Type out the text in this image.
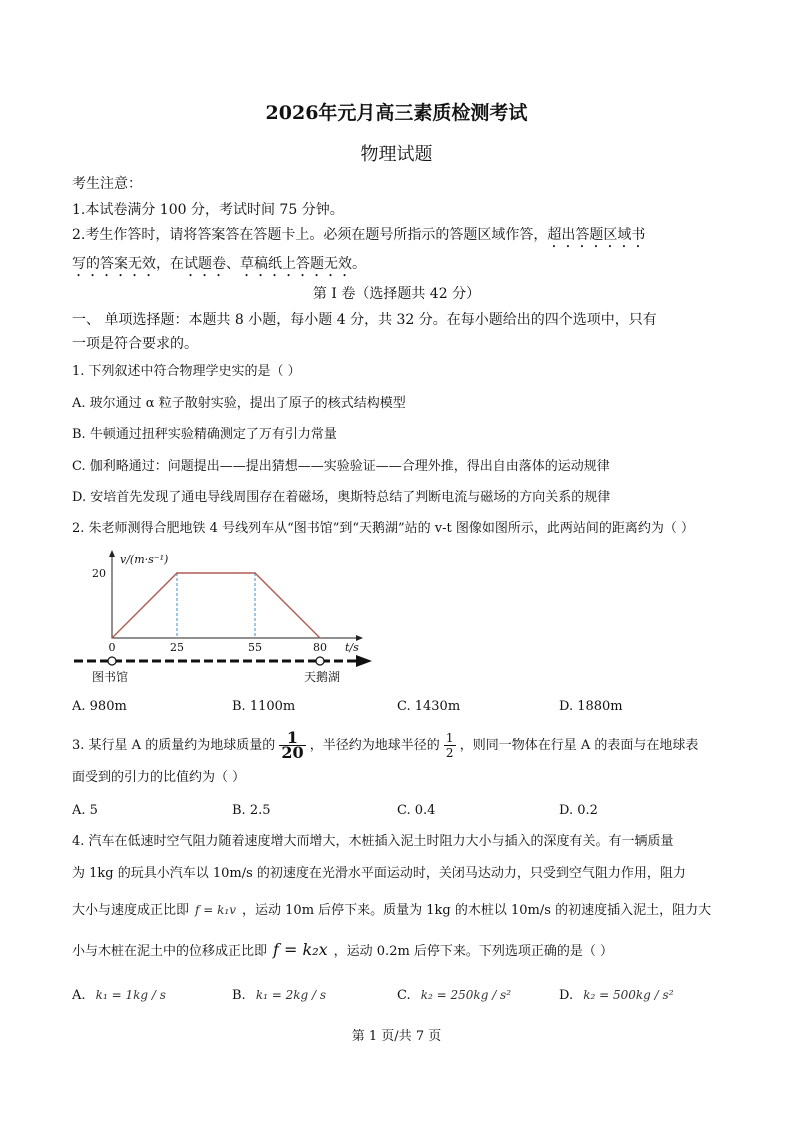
2026年元月高三素质检测考试
物理试题
考生注意：
1.本试卷满分 100 分，考试时间 75 分钟。
2.考生作答时，请将答案答在答题卡上。必须在题号所指示的答题区域作答，超出答题区域书
写的答案无效，在试题卷、草稿纸上答题无效。
第 I 卷（选择题共 42 分）
一、 单项选择题：本题共 8 小题，每小题 4 分，共 32 分。在每小题给出的四个选项中，只有
一项是符合要求的。
1. 下列叙述中符合物理学史实的是（ ）
A. 玻尔通过 α 粒子散射实验，提出了原子的核式结构模型
B. 牛顿通过扭秤实验精确测定了万有引力常量
C. 伽利略通过：问题提出——提出猜想——实验验证——合理外推，得出自由落体的运动规律
D. 安培首先发现了通电导线周围存在着磁场，奥斯特总结了判断电流与磁场的方向关系的规律
2. 朱老师测得合肥地铁 4 号线列车从“图书馆”到“天鹅湖”站的 v-t 图像如图所示，此两站间的距离约为（ ）
v/(m·s⁻¹)
t/s
20
0	25	55	80
图书馆	天鹅湖
A. 980m	B. 1100m	C. 1430m	D. 1880m
3. 某行星 A 的质量约为地球质量的 $\frac{1}{20}$ ，半径约为地球半径的 $\frac{1}{2}$ ，则同一物体在行星 A 的表面与在地球表
面受到的引力的比值约为（ ）
A. 5	B. 2.5	C. 0.4	D. 0.2
4. 汽车在低速时空气阻力随着速度增大而增大，木桩插入泥土时阻力大小与插入的深度有关。有一辆质量
为 1kg 的玩具小汽车以 10m/s 的初速度在光滑水平面运动时，关闭马达动力，只受到空气阻力作用，阻力
大小与速度成正比即 f = k₁v ，运动 10m 后停下来。质量为 1kg 的木桩以 10m/s 的初速度插入泥土，阻力大
小与木桩在泥土中的位移成正比即 f = k₂x ，运动 0.2m 后停下来。下列选项正确的是（ ）
A. k₁ = 1kg / s	B. k₁ = 2kg / s	C. k₂ = 250kg / s²	D. k₂ = 500kg / s²
第 1 页/共 7 页
